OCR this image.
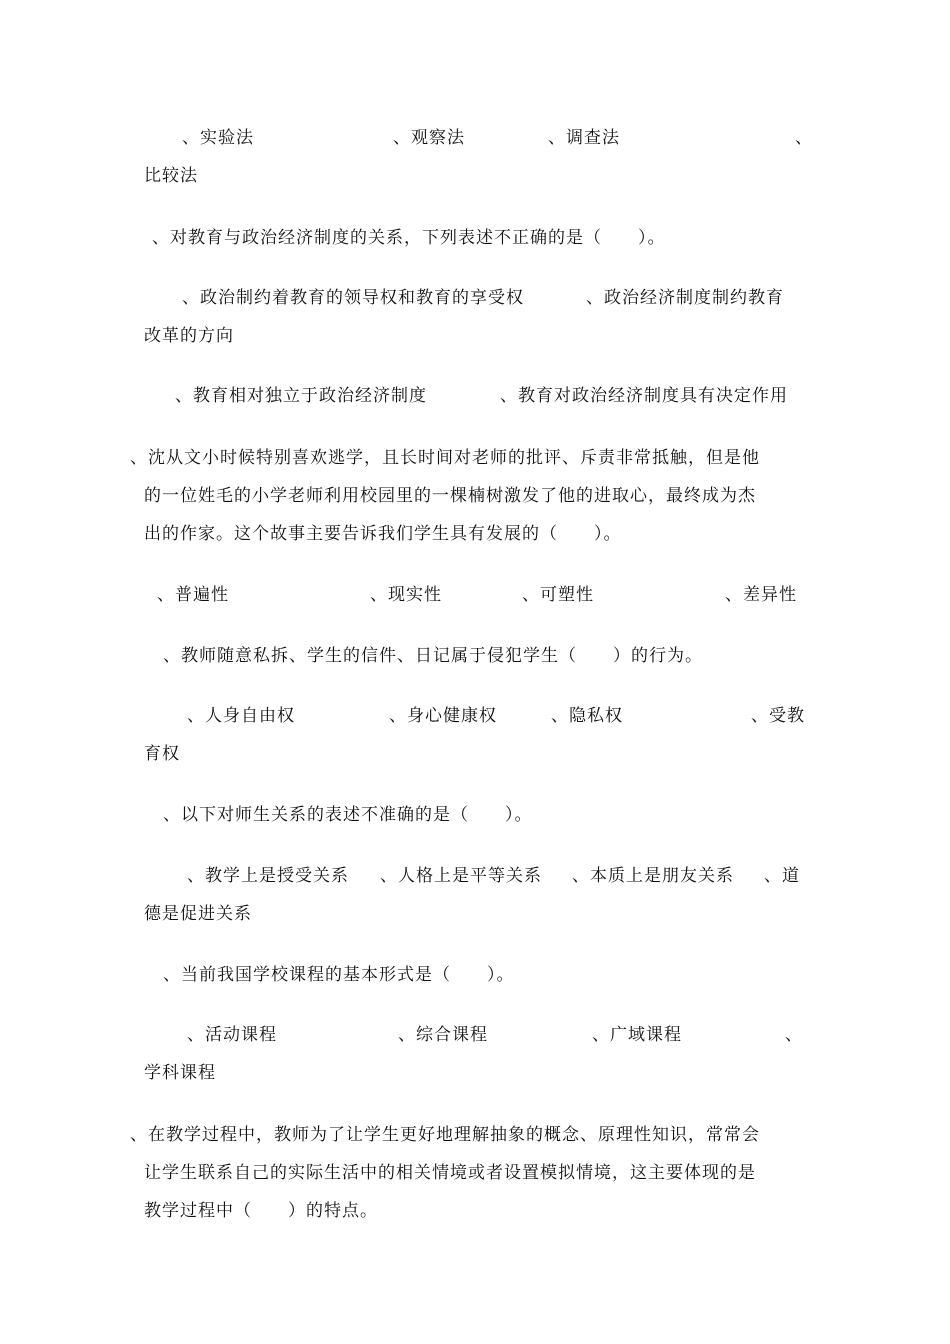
、实验法	、观察法	、调查法	、
比较法
、对教育与政治经济制度的关系，下列表述不正确的是（　　）。
、政治制约着教育的领导权和教育的享受权	、政治经济制度制约教育
改革的方向
、教育相对独立于政治经济制度	、教育对政治经济制度具有决定作用
、沈从文小时候特别喜欢逃学，且长时间对老师的批评、斥责非常抵触，但是他
的一位姓毛的小学老师利用校园里的一棵楠树激发了他的进取心，最终成为杰
出的作家。这个故事主要告诉我们学生具有发展的（　　）。
、普遍性	、现实性	、可塑性	、差异性
、教师随意私拆、学生的信件、日记属于侵犯学生（　　）的行为。
、人身自由权	、身心健康权	、隐私权	、受教
育权
、以下对师生关系的表述不准确的是（　　）。
、教学上是授受关系 、人格上是平等关系 、本质上是朋友关系 、道
德是促进关系
、当前我国学校课程的基本形式是（　　）。
、活动课程	、综合课程	、广域课程	、
学科课程
、在教学过程中，教师为了让学生更好地理解抽象的概念、原理性知识，常常会
让学生联系自己的实际生活中的相关情境或者设置模拟情境，这主要体现的是
教学过程中（　　）的特点。
